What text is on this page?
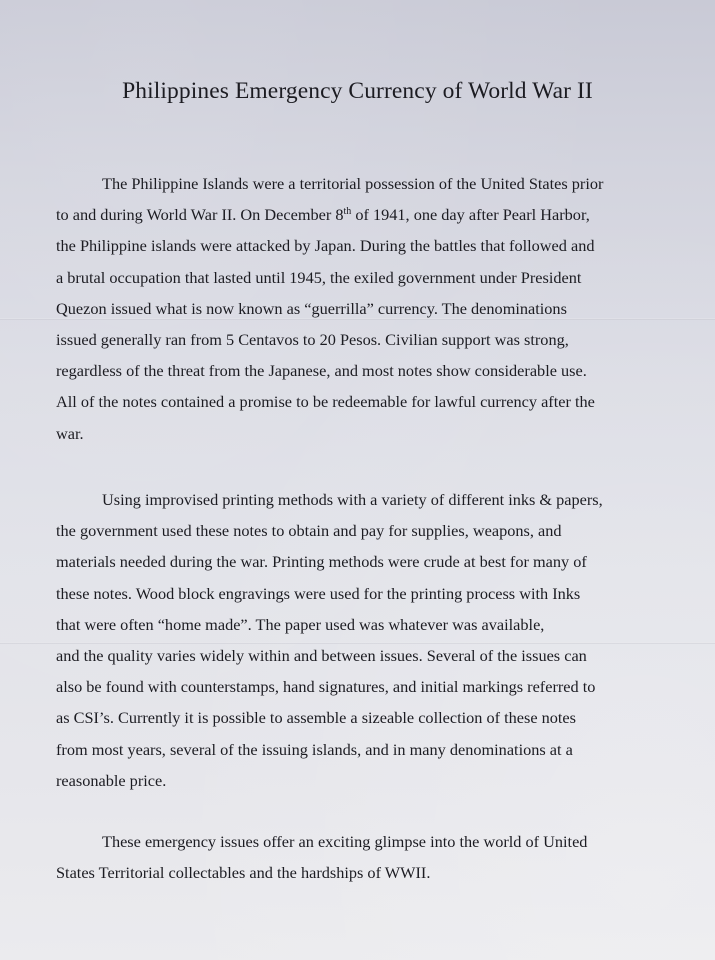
Philippines Emergency Currency of World War II
The Philippine Islands were a territorial possession of the United States prior
to and during World War II. On December 8th of 1941, one day after Pearl Harbor,
the Philippine islands were attacked by Japan. During the battles that followed and
a brutal occupation that lasted until 1945, the exiled government under President
Quezon issued what is now known as “guerrilla” currency. The denominations
issued generally ran from 5 Centavos to 20 Pesos. Civilian support was strong,
regardless of the threat from the Japanese, and most notes show considerable use.
All of the notes contained a promise to be redeemable for lawful currency after the
war.
Using improvised printing methods with a variety of different inks & papers,
the government used these notes to obtain and pay for supplies, weapons, and
materials needed during the war. Printing methods were crude at best for many of
these notes. Wood block engravings were used for the printing process with Inks
that were often “home made”. The paper used was whatever was available,
and the quality varies widely within and between issues. Several of the issues can
also be found with counterstamps, hand signatures, and initial markings referred to
as CSI’s. Currently it is possible to assemble a sizeable collection of these notes
from most years, several of the issuing islands, and in many denominations at a
reasonable price.
These emergency issues offer an exciting glimpse into the world of United
States Territorial collectables and the hardships of WWII.
